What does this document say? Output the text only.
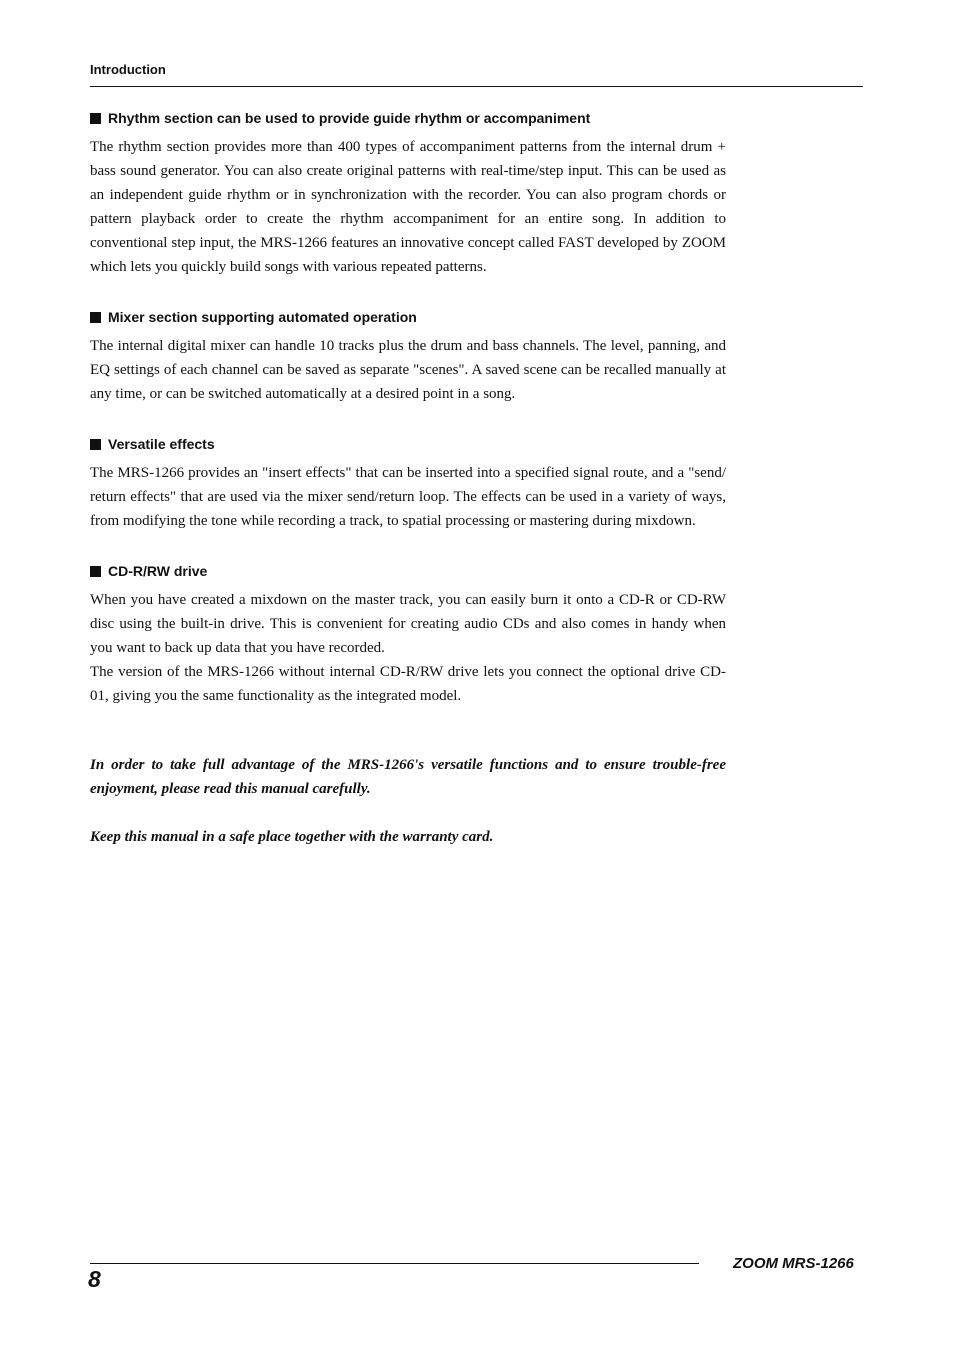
Introduction
Rhythm section can be used to provide guide rhythm or accompaniment

The rhythm section provides more than 400 types of accompaniment patterns from the internal drum + bass sound generator. You can also create original patterns with real-time/step input. This can be used as an independent guide rhythm or in synchronization with the recorder. You can also program chords or pattern playback order to create the rhythm accompaniment for an entire song. In addition to conventional step input, the MRS-1266 features an innovative concept called FAST developed by ZOOM which lets you quickly build songs with various repeated patterns.

Mixer section supporting automated operation

The internal digital mixer can handle 10 tracks plus the drum and bass channels. The level, panning, and EQ settings of each channel can be saved as separate "scenes". A saved scene can be recalled manually at any time, or can be switched automatically at a desired point in a song.

Versatile effects

The MRS-1266 provides an "insert effects" that can be inserted into a specified signal route, and a "send/ return effects" that are used via the mixer send/return loop. The effects can be used in a variety of ways, from modifying the tone while recording a track, to spatial processing or mastering during mixdown.

CD-R/RW drive

When you have created a mixdown on the master track, you can easily burn it onto a CD-R or CD-RW disc using the built-in drive. This is convenient for creating audio CDs and also comes in handy when you want to back up data that you have recorded.

The version of the MRS-1266 without internal CD-R/RW drive lets you connect the optional drive CD-01, giving you the same functionality as the integrated model.

In order to take full advantage of the MRS-1266's versatile functions and to ensure trouble-free enjoyment, please read this manual carefully.

Keep this manual in a safe place together with the warranty card.

8
ZOOM MRS-1266
